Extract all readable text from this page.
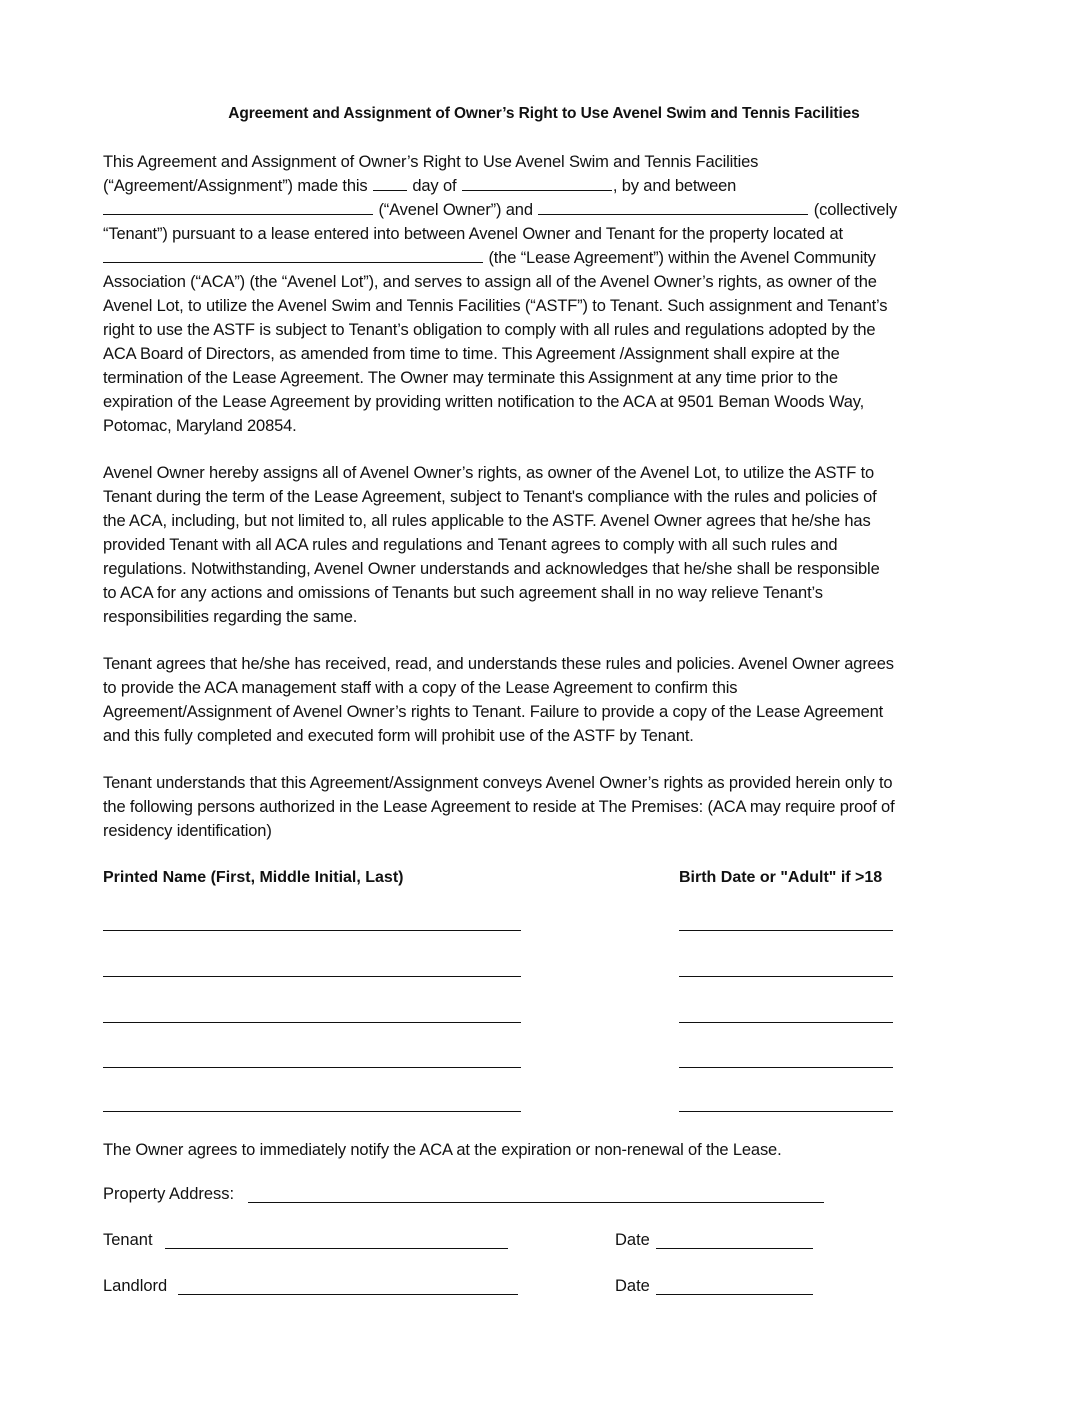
Agreement and Assignment of Owner’s Right to Use Avenel Swim and Tennis Facilities
This Agreement and Assignment of Owner’s Right to Use Avenel Swim and Tennis Facilities
(“Agreement/Assignment”) made this	day of	, by and between
(“Avenel Owner”) and	(collectively
“Tenant”) pursuant to a lease entered into between Avenel Owner and Tenant for the property located at
(the “Lease Agreement”) within the Avenel Community
Association (“ACA”) (the “Avenel Lot”), and serves to assign all of the Avenel Owner’s rights, as owner of the
Avenel Lot, to utilize the Avenel Swim and Tennis Facilities (“ASTF”) to Tenant. Such assignment and Tenant’s
right to use the ASTF is subject to Tenant’s obligation to comply with all rules and regulations adopted by the
ACA Board of Directors, as amended from time to time. This Agreement /Assignment shall expire at the
termination of the Lease Agreement. The Owner may terminate this Assignment at any time prior to the
expiration of the Lease Agreement by providing written notification to the ACA at 9501 Beman Woods Way,
Potomac, Maryland 20854.
Avenel Owner hereby assigns all of Avenel Owner’s rights, as owner of the Avenel Lot, to utilize the ASTF to
Tenant during the term of the Lease Agreement, subject to Tenant's compliance with the rules and policies of
the ACA, including, but not limited to, all rules applicable to the ASTF. Avenel Owner agrees that he/she has
provided Tenant with all ACA rules and regulations and Tenant agrees to comply with all such rules and
regulations. Notwithstanding, Avenel Owner understands and acknowledges that he/she shall be responsible
to ACA for any actions and omissions of Tenants but such agreement shall in no way relieve Tenant’s
responsibilities regarding the same.
Tenant agrees that he/she has received, read, and understands these rules and policies. Avenel Owner agrees
to provide the ACA management staff with a copy of the Lease Agreement to confirm this
Agreement/Assignment of Avenel Owner’s rights to Tenant. Failure to provide a copy of the Lease Agreement
and this fully completed and executed form will prohibit use of the ASTF by Tenant.
Tenant understands that this Agreement/Assignment conveys Avenel Owner’s rights as provided herein only to
the following persons authorized in the Lease Agreement to reside at The Premises: (ACA may require proof of
residency identification)
Printed Name (First, Middle Initial, Last)	Birth Date or "Adult" if >18
The Owner agrees to immediately notify the ACA at the expiration or non-renewal of the Lease.
Property Address:
Tenant	Date
Landlord	Date
